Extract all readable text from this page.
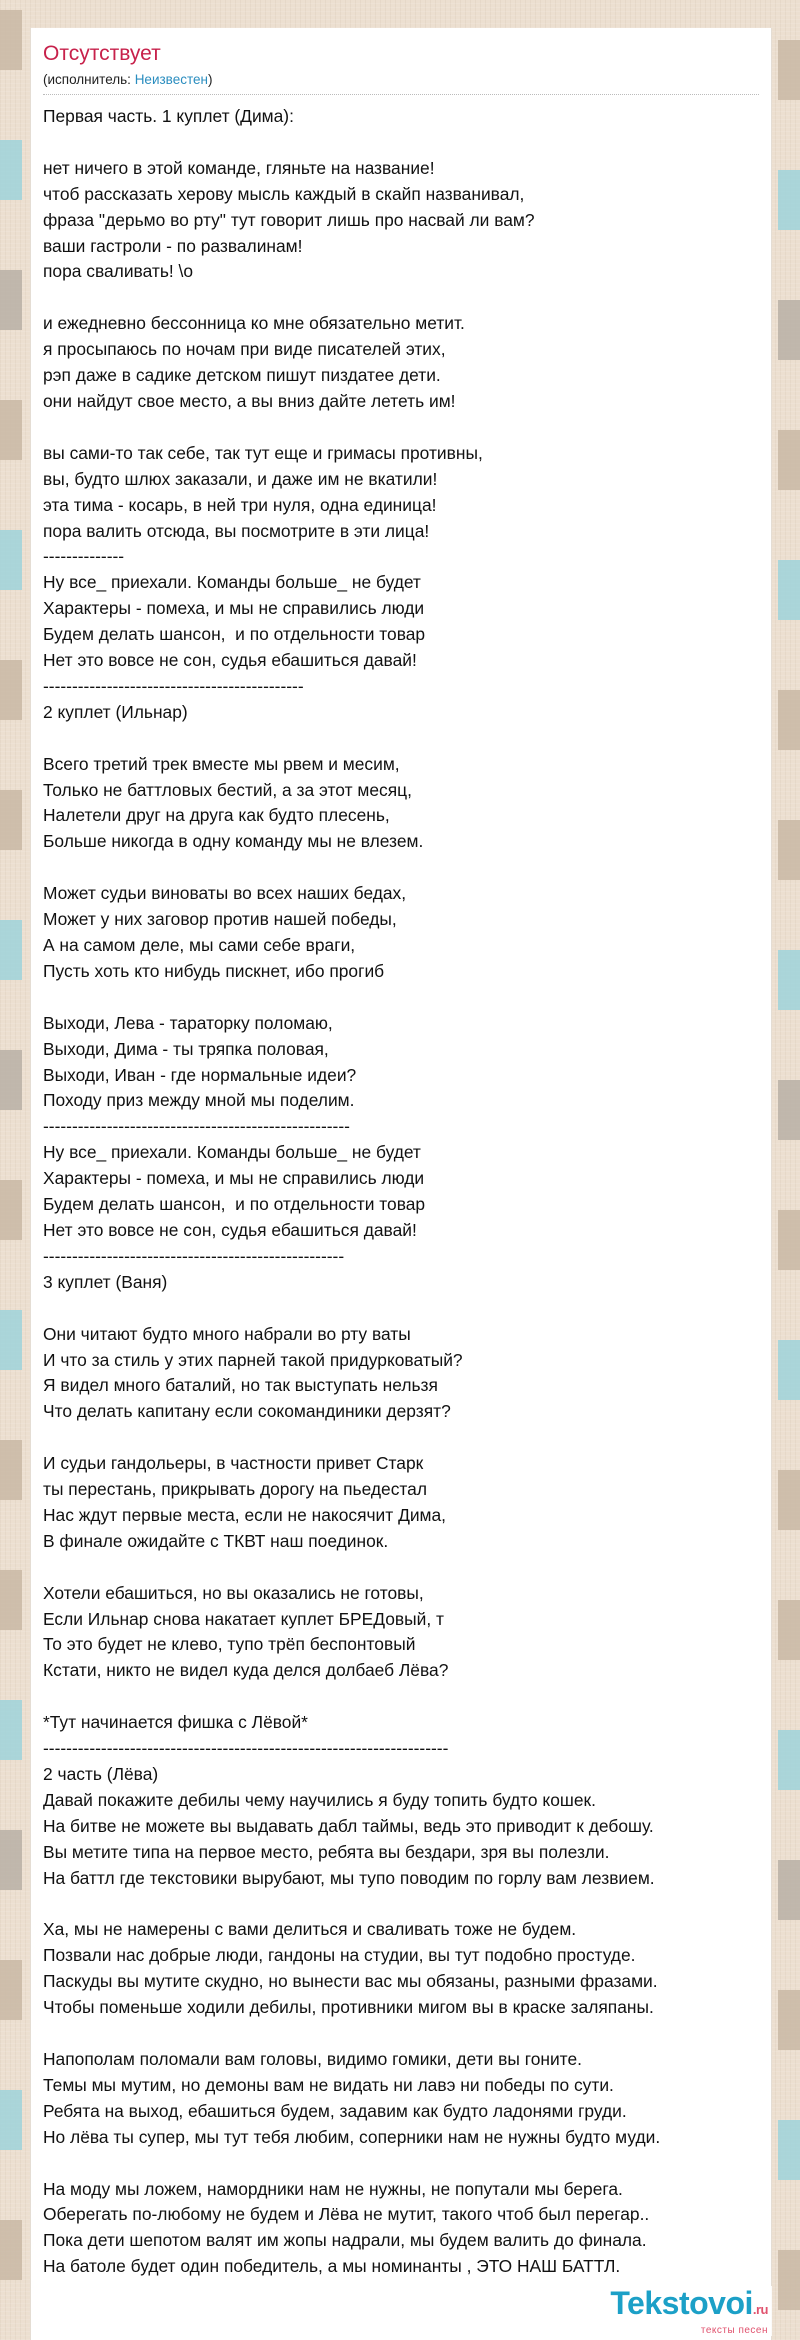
Отсутствует
(исполнитель: Неизвестен)
Первая часть. 1 куплет (Дима):

нет ничего в этой команде, гляньте на название!
чтоб рассказать херову мысль каждый в скайп названивал,
фраза "дерьмо во рту" тут говорит лишь про насвай ли вам?
ваши гастроли - по развалинам!
пора сваливать! \о

и ежедневно бессонница ко мне обязательно метит.
я просыпаюсь по ночам при виде писателей этих,
рэп даже в садике детском пишут пиздатее дети.
они найдут свое место, а вы вниз дайте лететь им!

вы сами-то так себе, так тут еще и гримасы противны,
вы, будто шлюх заказали, и даже им не вкатили!
эта тима - косарь, в ней три нуля, одна единица!
пора валить отсюда, вы посмотрите в эти лица!
--------------
Ну все_ приехали. Команды больше_ не будет
Характеры - помеха, и мы не справились люди
Будем делать шансон,  и по отдельности товар
Нет это вовсе не сон, судья ебашиться давай!
---------------------------------------------
2 куплет (Ильнар)

Всего третий трек вместе мы рвем и месим,
Только не баттловых бестий, а за этот месяц,
Налетели друг на друга как будто плесень,
Больше никогда в одну команду мы не влезем.

Может судьи виноваты во всех наших бедах,
Может у них заговор против нашей победы,
А на самом деле, мы сами себе враги,
Пусть хоть кто нибудь пискнет, ибо прогиб

Выходи, Лева - тараторку поломаю,
Выходи, Дима - ты тряпка половая,
Выходи, Иван - где нормальные идеи?
Походу приз между мной мы поделим.
-----------------------------------------------------
Ну все_ приехали. Команды больше_ не будет
Характеры - помеха, и мы не справились люди
Будем делать шансон,  и по отдельности товар
Нет это вовсе не сон, судья ебашиться давай!
----------------------------------------------------
3 куплет (Ваня)

Они читают будто много набрали во рту ваты
И что за стиль у этих парней такой придурковатый?
Я видел много баталий, но так выступать нельзя
Что делать капитану если сокомандиники дерзят?

И судьи гандольеры, в частности привет Старк
ты перестань, прикрывать дорогу на пьедестал
Нас ждут первые места, если не накосячит Дима,
В финале ожидайте с ТКВТ наш поединок.

Хотели ебашиться, но вы оказались не готовы,
Если Ильнар снова накатает куплет БРЕДовый, т
То это будет не клево, тупо трёп беспонтовый
Кстати, никто не видел куда делся долбаеб Лёва?

*Тут начинается фишка с Лёвой*
----------------------------------------------------------------------
2 часть (Лёва)
Давай покажите дебилы чему научились я буду топить будто кошек.
На битве не можете вы выдавать дабл таймы, ведь это приводит к дебошу.
Вы метите типа на первое место, ребята вы бездари, зря вы полезли.
На баттл где текстовики вырубают, мы тупо поводим по горлу вам лезвием.

Ха, мы не намерены с вами делиться и сваливать тоже не будем.
Позвали нас добрые люди, гандоны на студии, вы тут подобно простуде.
Паскуды вы мутите скудно, но вынести вас мы обязаны, разными фразами.
Чтобы поменьше ходили дебилы, противники мигом вы в краске заляпаны.

Напополам поломали вам головы, видимо гомики, дети вы гоните.
Темы мы мутим, но демоны вам не видать ни лавэ ни победы по сути.
Ребята на выход, ебашиться будем, задавим как будто ладонями груди.
Но лёва ты супер, мы тут тебя любим, соперники нам не нужны будто муди.

На моду мы ложем, намордники нам не нужны, не попутали мы берега.
Оберегать по-любому не будем и Лёва не мутит, такого чтоб был перегар..
Пока дети шепотом валят им жопы надрали, мы будем валить до финала.
На батоле будет один победитель, а мы номинанты , ЭТО НАШ БАТТЛ.
Tekstovoi.ru
тексты песен
